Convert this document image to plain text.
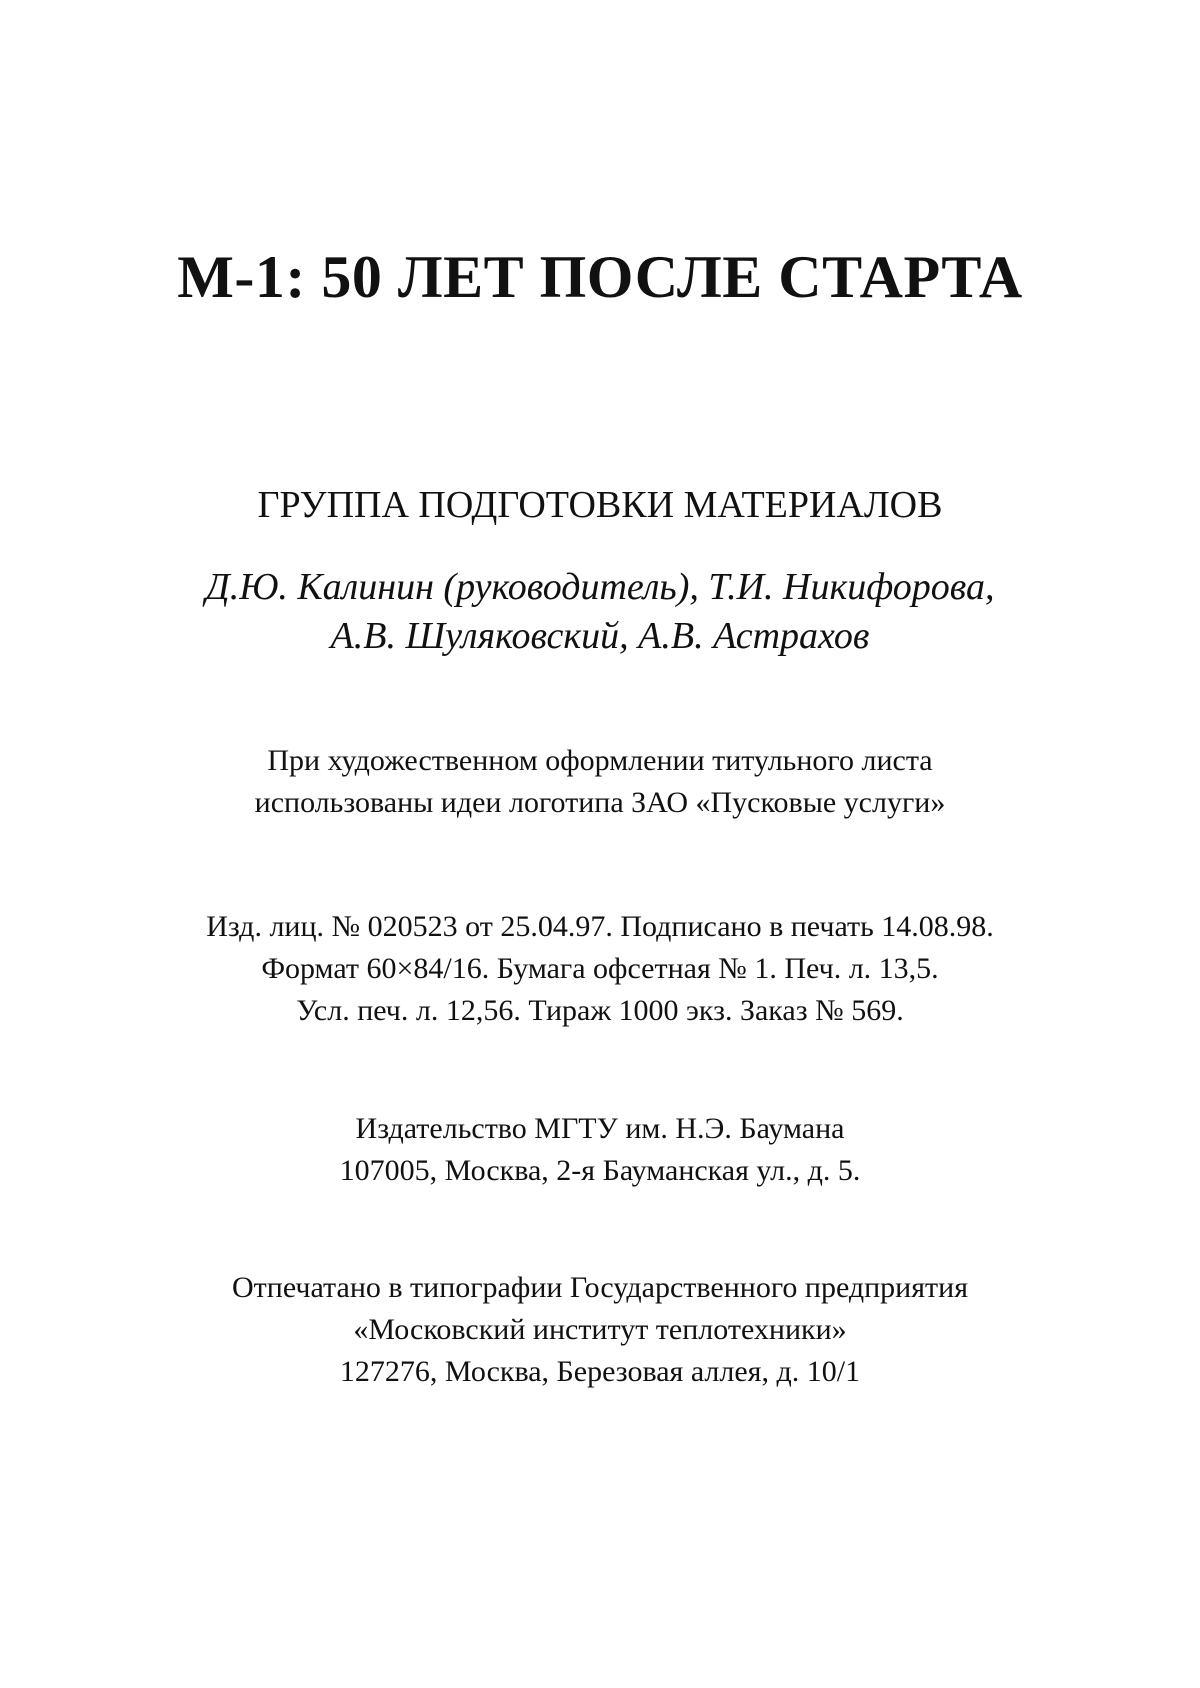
М-1: 50 ЛЕТ ПОСЛЕ СТАРТА
ГРУППА ПОДГОТОВКИ МАТЕРИАЛОВ
Д.Ю. Калинин (руководитель), Т.И. Никифорова,
А.В. Шуляковский, А.В. Астрахов
При художественном оформлении титульного листа
использованы идеи логотипа ЗАО «Пусковые услуги»
Изд. лиц. № 020523 от 25.04.97. Подписано в печать 14.08.98.
Формат 60×84/16. Бумага офсетная № 1. Печ. л. 13,5.
Усл. печ. л. 12,56. Тираж 1000 экз. Заказ № 569.
Издательство МГТУ им. Н.Э. Баумана
107005, Москва, 2-я Бауманская ул., д. 5.
Отпечатано в типографии Государственного предприятия
«Московский институт теплотехники»
127276, Москва, Березовая аллея, д. 10/1
